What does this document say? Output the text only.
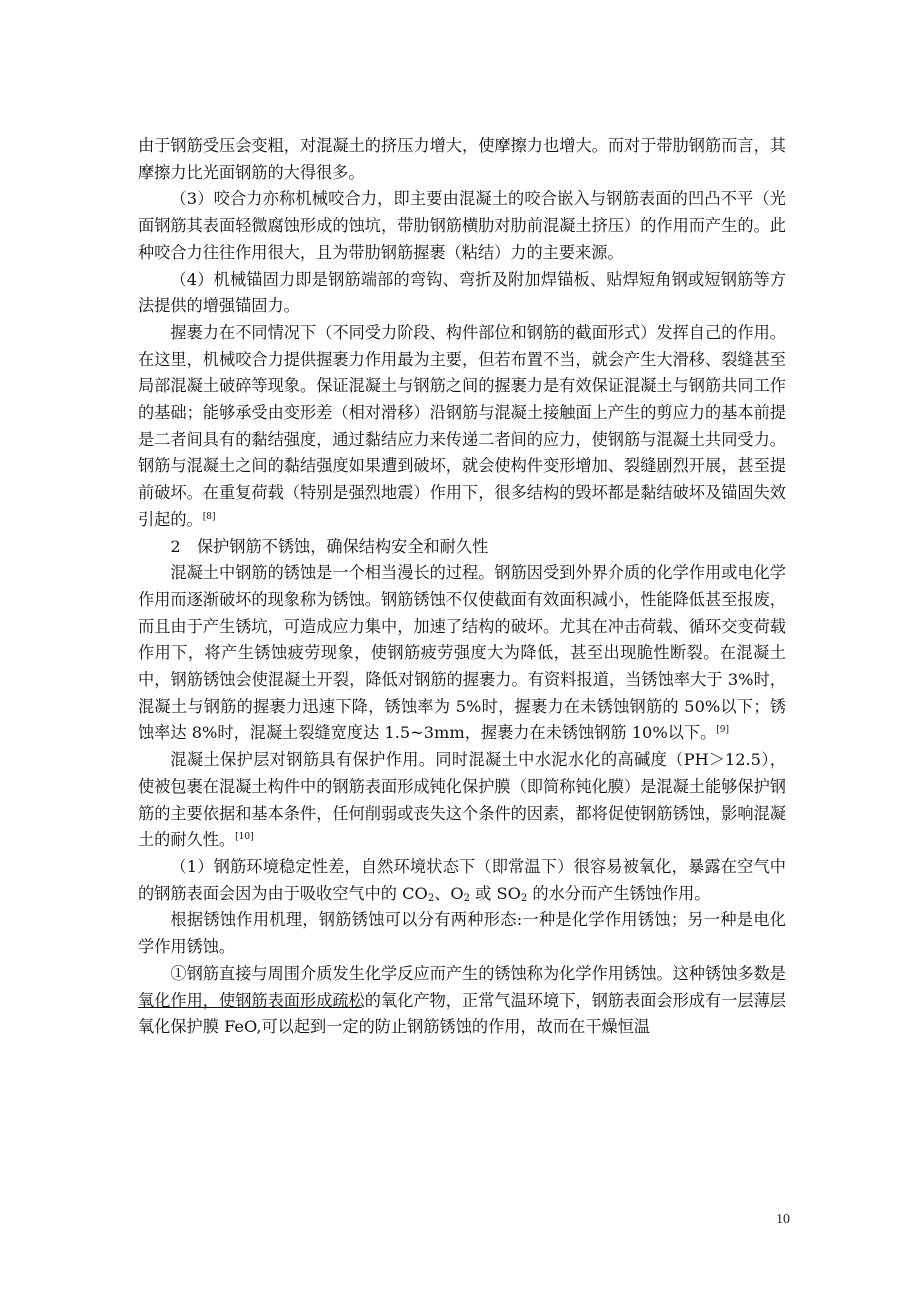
由于钢筋受压会变粗，对混凝土的挤压力增大，使摩擦力也增大。而对于带肋钢筋而言，其摩擦力比光面钢筋的大得很多。

（3）咬合力亦称机械咬合力，即主要由混凝土的咬合嵌入与钢筋表面的凹凸不平（光面钢筋其表面轻微腐蚀形成的蚀坑，带肋钢筋横肋对肋前混凝土挤压）的作用而产生的。此种咬合力往往作用很大，且为带肋钢筋握裹（粘结）力的主要来源。

（4）机械锚固力即是钢筋端部的弯钩、弯折及附加焊锚板、贴焊短角钢或短钢筋等方法提供的增强锚固力。

握裹力在不同情况下（不同受力阶段、构件部位和钢筋的截面形式）发挥自己的作用。在这里，机械咬合力提供握裹力作用最为主要，但若布置不当，就会产生大滑移、裂缝甚至局部混凝土破碎等现象。保证混凝土与钢筋之间的握裹力是有效保证混凝土与钢筋共同工作的基础；能够承受由变形差（相对滑移）沿钢筋与混凝土接触面上产生的剪应力的基本前提是二者间具有的黏结强度，通过黏结应力来传递二者间的应力，使钢筋与混凝土共同受力。钢筋与混凝土之间的黏结强度如果遭到破坏，就会使构件变形增加、裂缝剧烈开展，甚至提前破坏。在重复荷载（特别是强烈地震）作用下，很多结构的毁坏都是黏结破坏及锚固失效引起的。[8]

2　保护钢筋不锈蚀，确保结构安全和耐久性

混凝土中钢筋的锈蚀是一个相当漫长的过程。钢筋因受到外界介质的化学作用或电化学作用而逐渐破坏的现象称为锈蚀。钢筋锈蚀不仅使截面有效面积减小，性能降低甚至报废，而且由于产生锈坑，可造成应力集中，加速了结构的破坏。尤其在冲击荷载、循环交变荷载作用下，将产生锈蚀疲劳现象，使钢筋疲劳强度大为降低，甚至出现脆性断裂。在混凝土中，钢筋锈蚀会使混凝土开裂，降低对钢筋的握裹力。有资料报道，当锈蚀率大于 3%时，混凝土与钢筋的握裹力迅速下降，锈蚀率为 5%时，握裹力在未锈蚀钢筋的 50%以下；锈蚀率达 8%时，混凝土裂缝宽度达 1.5~3mm，握裹力在未锈蚀钢筋 10%以下。[9]

混凝土保护层对钢筋具有保护作用。同时混凝土中水泥水化的高碱度（PH＞12.5），使被包裹在混凝土构件中的钢筋表面形成钝化保护膜（即简称钝化膜）是混凝土能够保护钢筋的主要依据和基本条件，任何削弱或丧失这个条件的因素，都将促使钢筋锈蚀，影响混凝土的耐久性。[10]

（1）钢筋环境稳定性差，自然环境状态下（即常温下）很容易被氧化，暴露在空气中的钢筋表面会因为由于吸收空气中的 $CO_2$、$O_2$ 或 $SO_2$ 的水分而产生锈蚀作用。

根据锈蚀作用机理，钢筋锈蚀可以分有两种形态:一种是化学作用锈蚀；另一种是电化学作用锈蚀。

①钢筋直接与周围介质发生化学反应而产生的锈蚀称为化学作用锈蚀。这种锈蚀多数是氧化作用，使钢筋表面形成疏松的氧化产物，正常气温环境下，钢筋表面会形成有一层薄层氧化保护膜 FeO,可以起到一定的防止钢筋锈蚀的作用，故而在干燥恒温

10
